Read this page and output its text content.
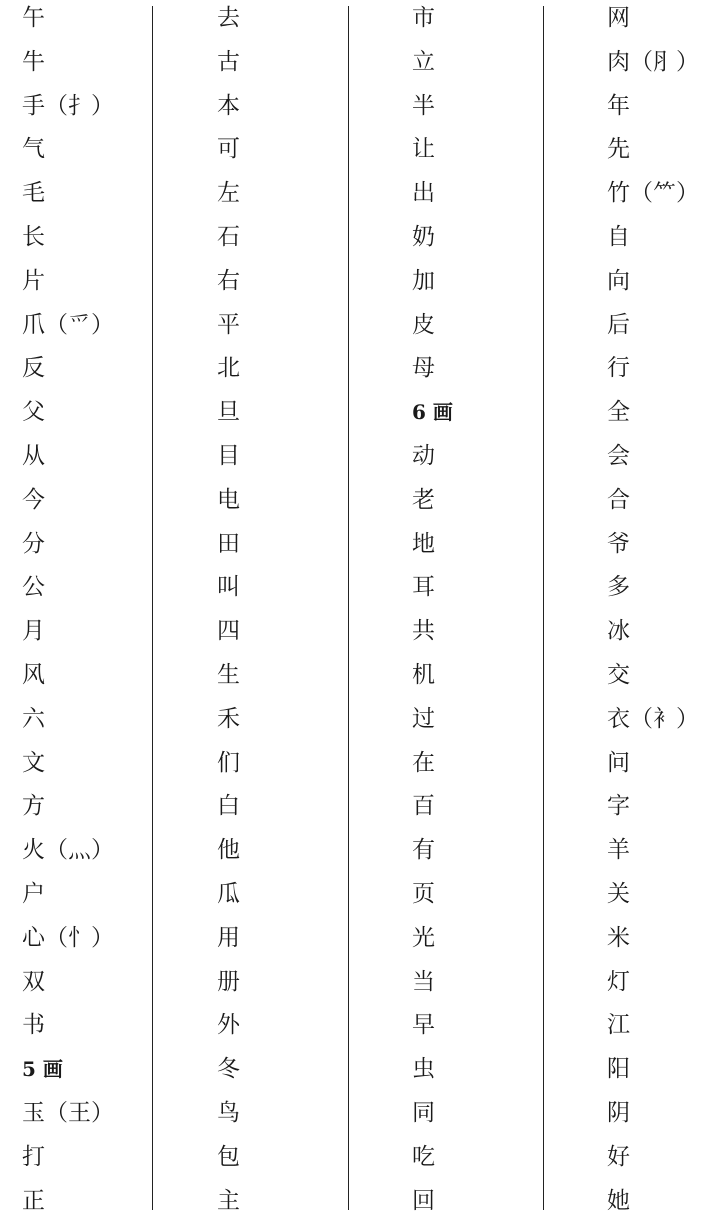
午
牛
手（扌）
气
毛
长
片
爪（爫）
反
父
从
今
分
公
月
风
六
文
方
火（灬）
户
心（忄）
双
书
5 画
玉（王）
打
正
去
古
本
可
左
石
右
平
北
旦
目
电
田
叫
四
生
禾
们
白
他
瓜
用
册
外
冬
鸟
包
主
市
立
半
让
出
奶
加
皮
母
6 画
动
老
地
耳
共
机
过
在
百
有
页
光
当
早
虫
同
吃
回
网
肉（⺼）
年
先
竹（⺮）
自
向
后
行
全
会
合
爷
多
冰
交
衣（衤）
问
字
羊
关
米
灯
江
阳
阴
好
她
